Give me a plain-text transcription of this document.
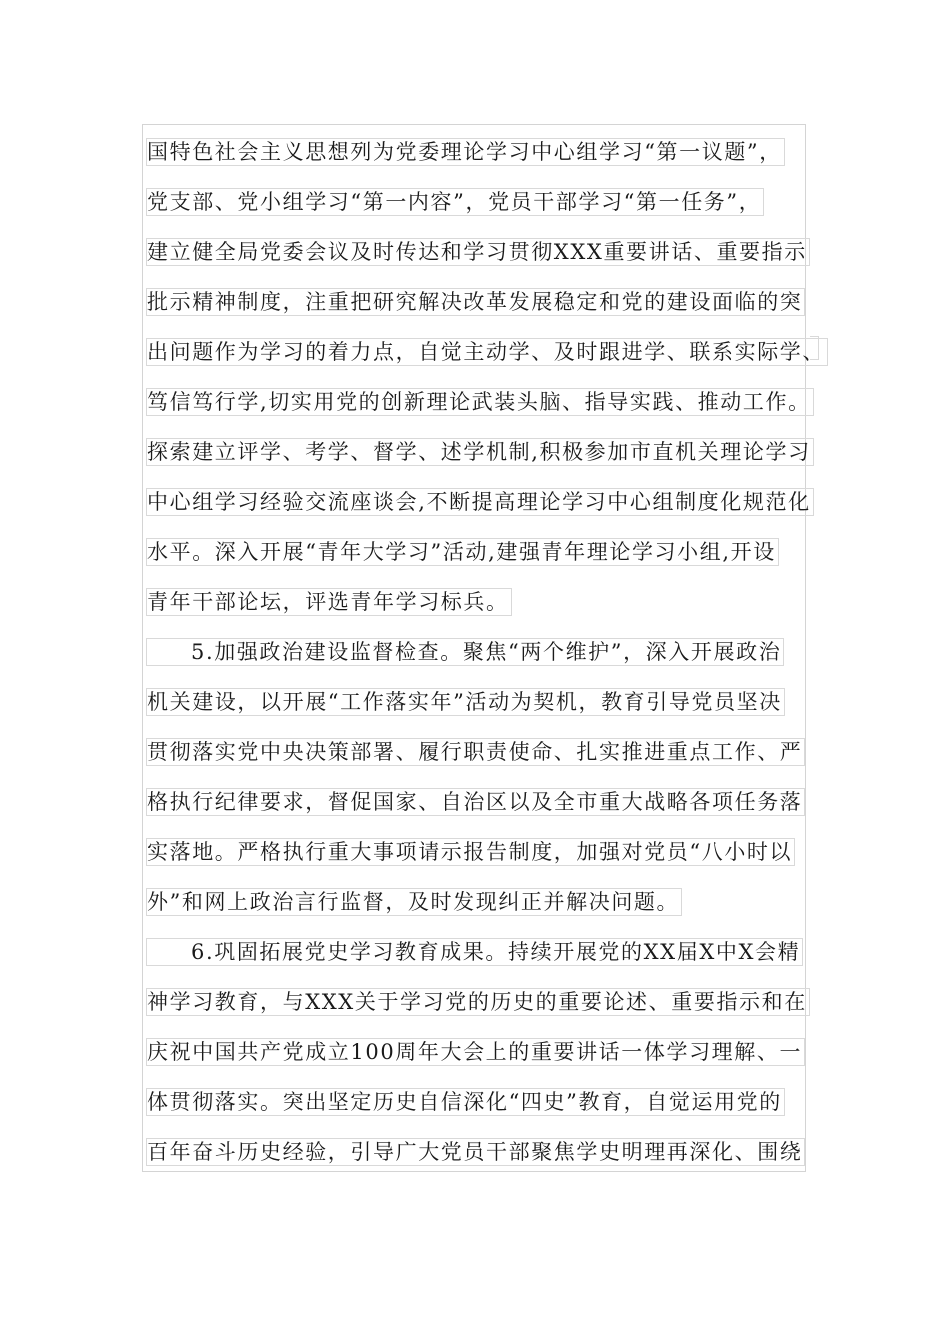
国特色社会主义思想列为党委理论学习中心组学习“第一议题”，
党支部、党小组学习“第一内容”，党员干部学习“第一任务”，
建立健全局党委会议及时传达和学习贯彻XXX重要讲话、重要指示
批示精神制度，注重把研究解决改革发展稳定和党的建设面临的突
出问题作为学习的着力点，自觉主动学、及时跟进学、联系实际学、
笃信笃行学,切实用党的创新理论武装头脑、指导实践、推动工作。
探索建立评学、考学、督学、述学机制,积极参加市直机关理论学习
中心组学习经验交流座谈会,不断提高理论学习中心组制度化规范化
水平。深入开展“青年大学习”活动,建强青年理论学习小组,开设
青年干部论坛，评选青年学习标兵。
5.加强政治建设监督检查。聚焦“两个维护”，深入开展政治
机关建设，以开展“工作落实年”活动为契机，教育引导党员坚决
贯彻落实党中央决策部署、履行职责使命、扎实推进重点工作、严
格执行纪律要求，督促国家、自治区以及全市重大战略各项任务落
实落地。严格执行重大事项请示报告制度，加强对党员“八小时以
外”和网上政治言行监督，及时发现纠正并解决问题。
6.巩固拓展党史学习教育成果。持续开展党的XX届X中X会精
神学习教育，与XXX关于学习党的历史的重要论述、重要指示和在
庆祝中国共产党成立100周年大会上的重要讲话一体学习理解、一
体贯彻落实。突出坚定历史自信深化“四史”教育，自觉运用党的
百年奋斗历史经验，引导广大党员干部聚焦学史明理再深化、围绕
